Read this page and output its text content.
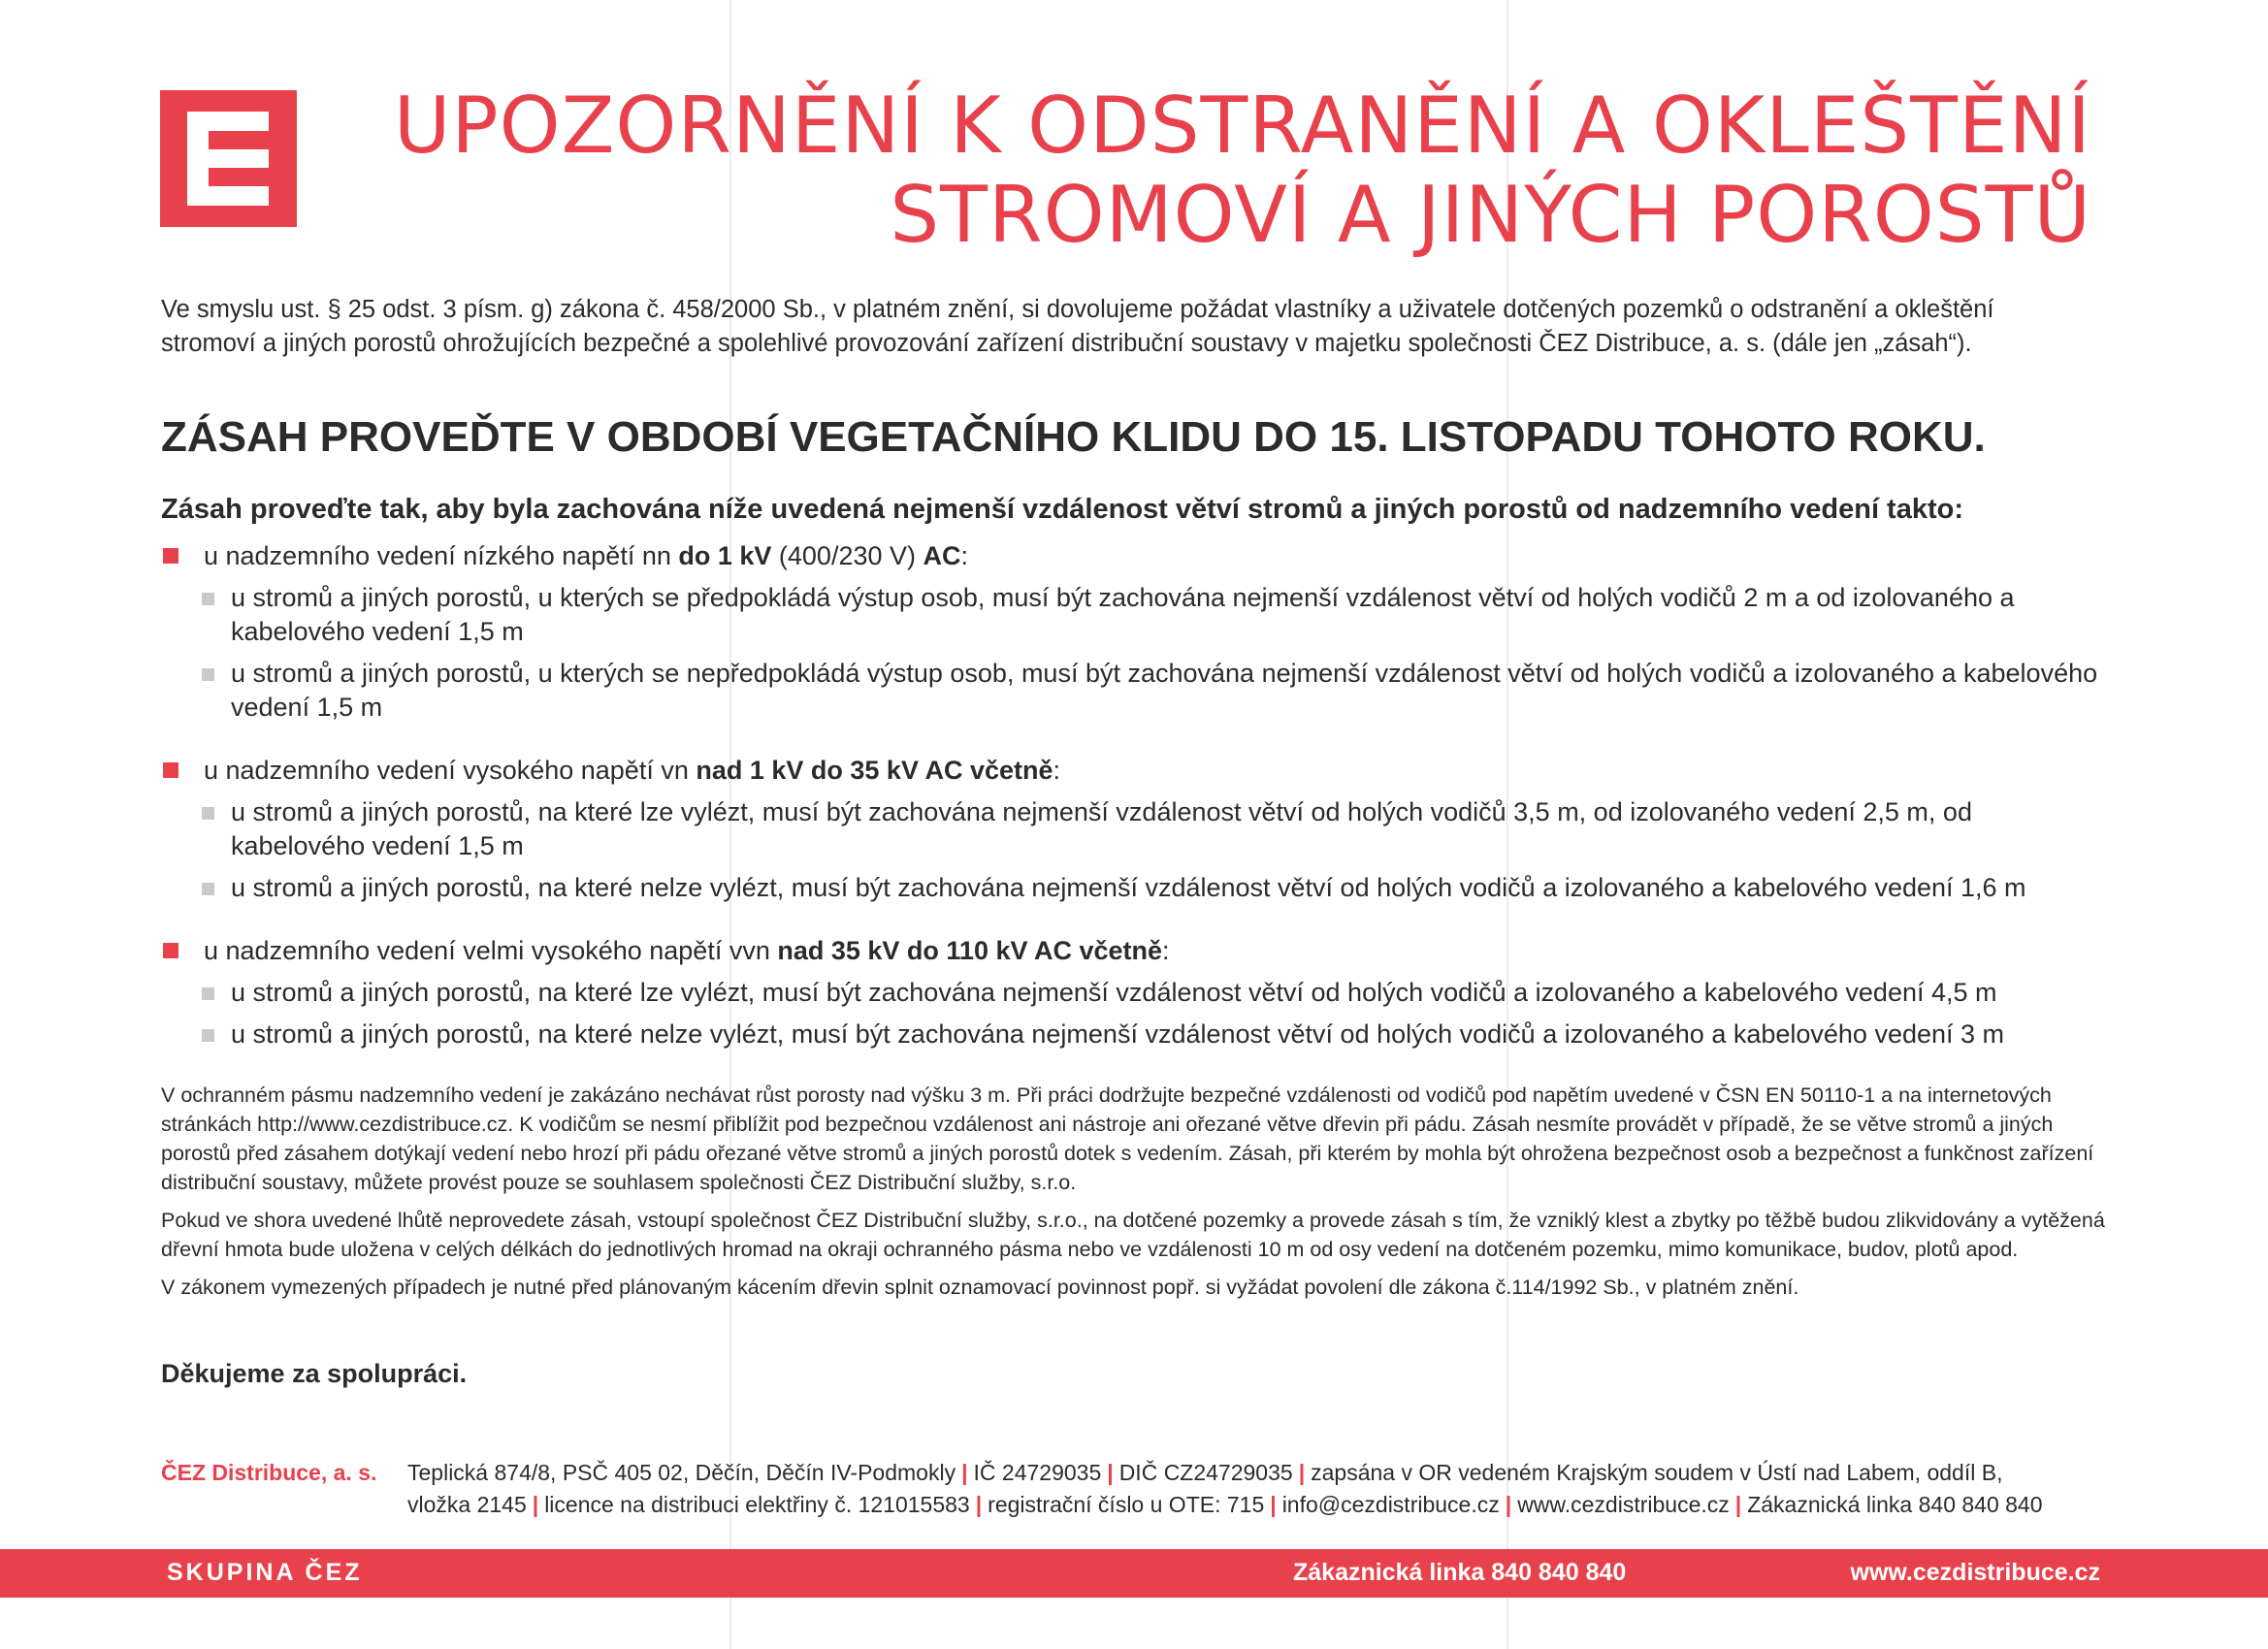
UPOZORNĚNÍ K ODSTRANĚNÍ A OKLEŠTĚNÍ
STROMOVÍ A JINÝCH POROSTŮ

Ve smyslu ust. § 25 odst. 3 písm. g) zákona č. 458/2000 Sb., v platném znění, si dovolujeme požádat vlastníky a uživatele dotčených pozemků o odstranění a okleštění stromoví a jiných porostů ohrožujících bezpečné a spolehlivé provozování zařízení distribuční soustavy v majetku společnosti ČEZ Distribuce, a. s. (dále jen „zásah“).

ZÁSAH PROVEĎTE V OBDOBÍ VEGETAČNÍHO KLIDU DO 15. LISTOPADU TOHOTO ROKU.

Zásah proveďte tak, aby byla zachována níže uvedená nejmenší vzdálenost větví stromů a jiných porostů od nadzemního vedení takto:

u nadzemního vedení nízkého napětí nn do 1 kV (400/230 V) AC:

u stromů a jiných porostů, u kterých se předpokládá výstup osob, musí být zachována nejmenší vzdálenost větví od holých vodičů 2 m a od izolovaného a kabelového vedení 1,5 m

u stromů a jiných porostů, u kterých se nepředpokládá výstup osob, musí být zachována nejmenší vzdálenost větví od holých vodičů a izolovaného a kabelového vedení 1,5 m

u nadzemního vedení vysokého napětí vn nad 1 kV do 35 kV AC včetně:

u stromů a jiných porostů, na které lze vylézt, musí být zachována nejmenší vzdálenost větví od holých vodičů 3,5 m, od izolovaného vedení 2,5 m, od kabelového vedení 1,5 m

u stromů a jiných porostů, na které nelze vylézt, musí být zachována nejmenší vzdálenost větví od holých vodičů a izolovaného a kabelového vedení 1,6 m

u nadzemního vedení velmi vysokého napětí vvn nad 35 kV do 110 kV AC včetně:

u stromů a jiných porostů, na které lze vylézt, musí být zachována nejmenší vzdálenost větví od holých vodičů a izolovaného a kabelového vedení 4,5 m

u stromů a jiných porostů, na které nelze vylézt, musí být zachována nejmenší vzdálenost větví od holých vodičů a izolovaného a kabelového vedení 3 m

V ochranném pásmu nadzemního vedení je zakázáno nechávat růst porosty nad výšku 3 m. Při práci dodržujte bezpečné vzdálenosti od vodičů pod napětím uvedené v ČSN EN 50110-1 a na internetových stránkách http://www.cezdistribuce.cz. K vodičům se nesmí přiblížit pod bezpečnou vzdálenost ani nástroje ani ořezané větve dřevin při pádu. Zásah nesmíte provádět v případě, že se větve stromů a jiných porostů před zásahem dotýkají vedení nebo hrozí při pádu ořezané větve stromů a jiných porostů dotek s vedením. Zásah, při kterém by mohla být ohrožena bezpečnost osob a bezpečnost a funkčnost zařízení distribuční soustavy, můžete provést pouze se souhlasem společnosti ČEZ Distribuční služby, s.r.o.

Pokud ve shora uvedené lhůtě neprovedete zásah, vstoupí společnost ČEZ Distribuční služby, s.r.o., na dotčené pozemky a provede zásah s tím, že vzniklý klest a zbytky po těžbě budou zlikvidovány a vytěžená dřevní hmota bude uložena v celých délkách do jednotlivých hromad na okraji ochranného pásma nebo ve vzdálenosti 10 m od osy vedení na dotčeném pozemku, mimo komunikace, budov, plotů apod.

V zákonem vymezených případech je nutné před plánovaným kácením dřevin splnit oznamovací povinnost popř. si vyžádat povolení dle zákona č.114/1992 Sb., v platném znění.

Děkujeme za spolupráci.

ČEZ Distribuce, a. s. Teplická 874/8, PSČ 405 02, Děčín, Děčín IV-Podmokly | IČ 24729035 | DIČ CZ24729035 | zapsána v OR vedeném Krajským soudem v Ústí nad Labem, oddíl B,
vložka 2145 | licence na distribuci elektřiny č. 121015583 | registrační číslo u OTE: 715 | info@cezdistribuce.cz | www.cezdistribuce.cz | Zákaznická linka 840 840 840
SKUPINA ČEZ	Zákaznická linka 840 840 840	www.cezdistribuce.cz
